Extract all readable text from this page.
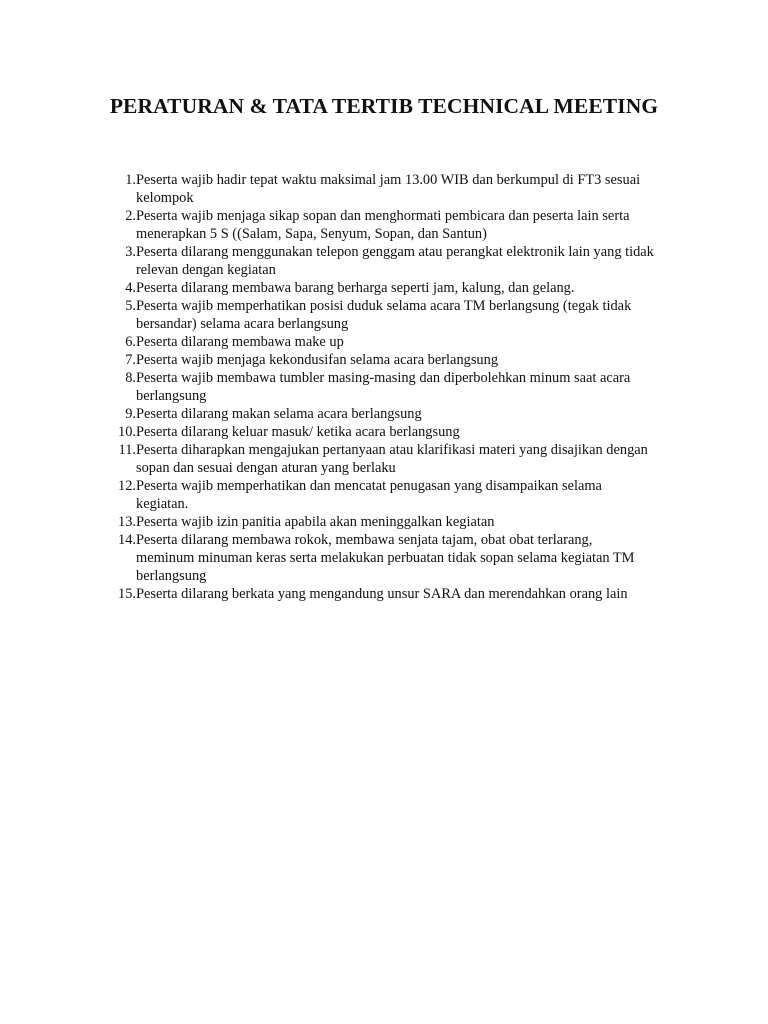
PERATURAN & TATA TERTIB TECHNICAL MEETING
1. Peserta wajib hadir tepat waktu maksimal jam 13.00 WIB dan berkumpul di FT3 sesuai
kelompok
2. Peserta wajib menjaga sikap sopan dan menghormati pembicara dan peserta lain serta
menerapkan 5 S ((Salam, Sapa, Senyum, Sopan, dan Santun)
3. Peserta dilarang menggunakan telepon genggam atau perangkat elektronik lain yang tidak
relevan dengan kegiatan
4. Peserta dilarang membawa barang berharga seperti jam, kalung, dan gelang.
5. Peserta wajib memperhatikan posisi duduk selama acara TM berlangsung (tegak tidak
bersandar) selama acara berlangsung
6. Peserta dilarang membawa make up
7. Peserta wajib menjaga kekondusifan selama acara berlangsung
8. Peserta wajib membawa tumbler masing-masing dan diperbolehkan minum saat acara
berlangsung
9. Peserta dilarang makan selama acara berlangsung
10. Peserta dilarang keluar masuk/ ketika acara berlangsung
11. Peserta diharapkan mengajukan pertanyaan atau klarifikasi materi yang disajikan dengan
sopan dan sesuai dengan aturan yang berlaku
12. Peserta wajib memperhatikan dan mencatat penugasan yang disampaikan selama
kegiatan.
13. Peserta wajib izin panitia apabila akan meninggalkan kegiatan
14. Peserta dilarang membawa rokok, membawa senjata tajam, obat obat terlarang,
meminum minuman keras serta melakukan perbuatan tidak sopan selama kegiatan TM
berlangsung
15. Peserta dilarang berkata yang mengandung unsur SARA dan merendahkan orang lain
